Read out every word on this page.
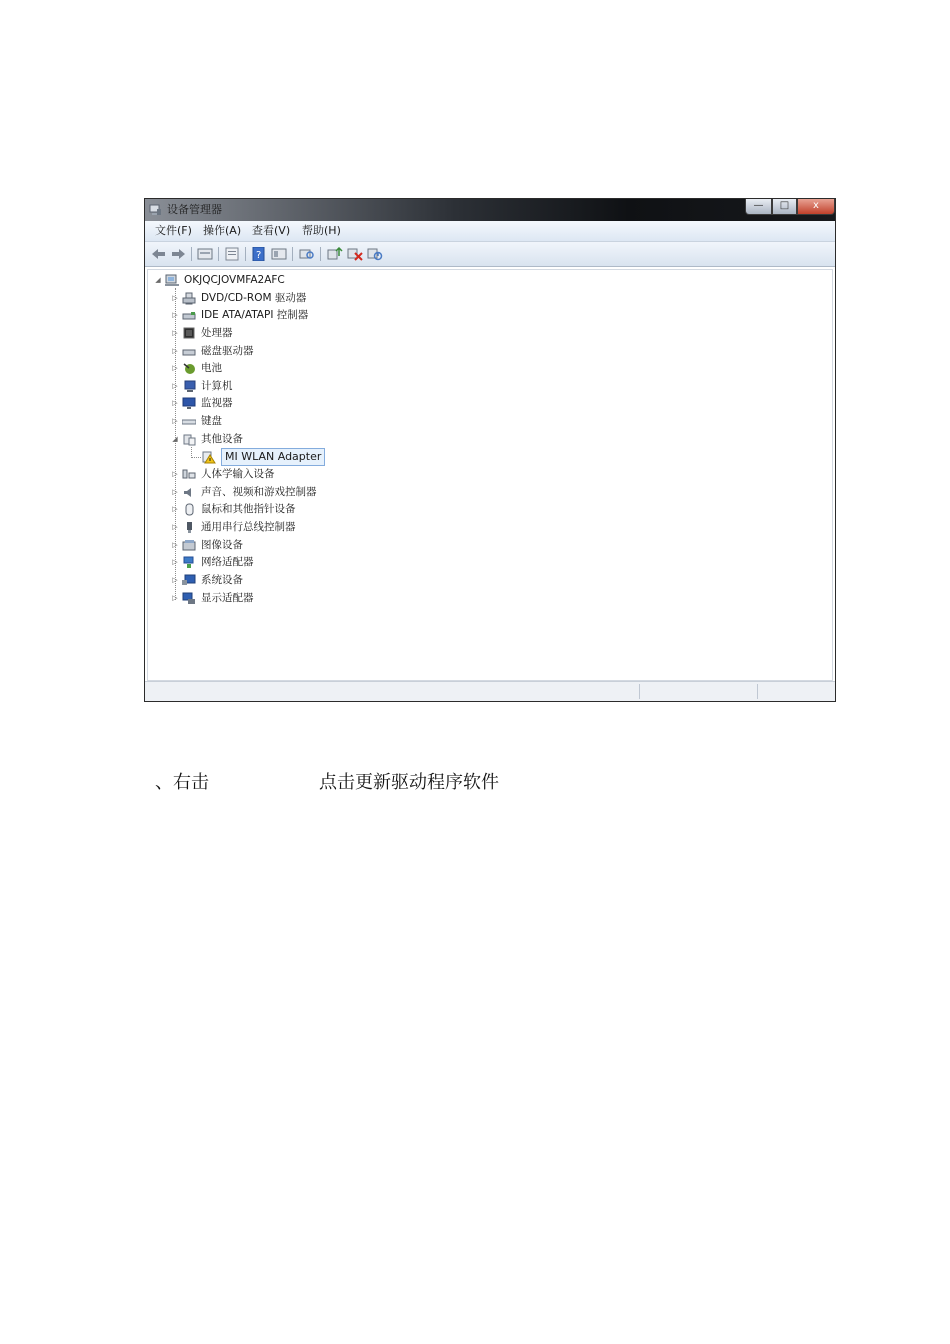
设备管理器	—	□	x
文件(F) 操作(A) 查看(V) 帮助(H)
?
◢ OKJQCJOVMFA2AFC
▷ DVD/CD-ROM 驱动器
▷ IDE ATA/ATAPI 控制器
▷ 处理器
▷ 磁盘驱动器
▷ 电池
▷ 计算机
▷ 监视器
▷ 键盘
◢ 其他设备
MI WLAN Adapter
▷ 人体学输入设备
▷ 声音、视频和游戏控制器
▷ 鼠标和其他指针设备
▷ 通用串行总线控制器
▷ 图像设备
▷ 网络适配器
▷ 系统设备
▷ 显示适配器
、右击	点击更新驱动程序软件
